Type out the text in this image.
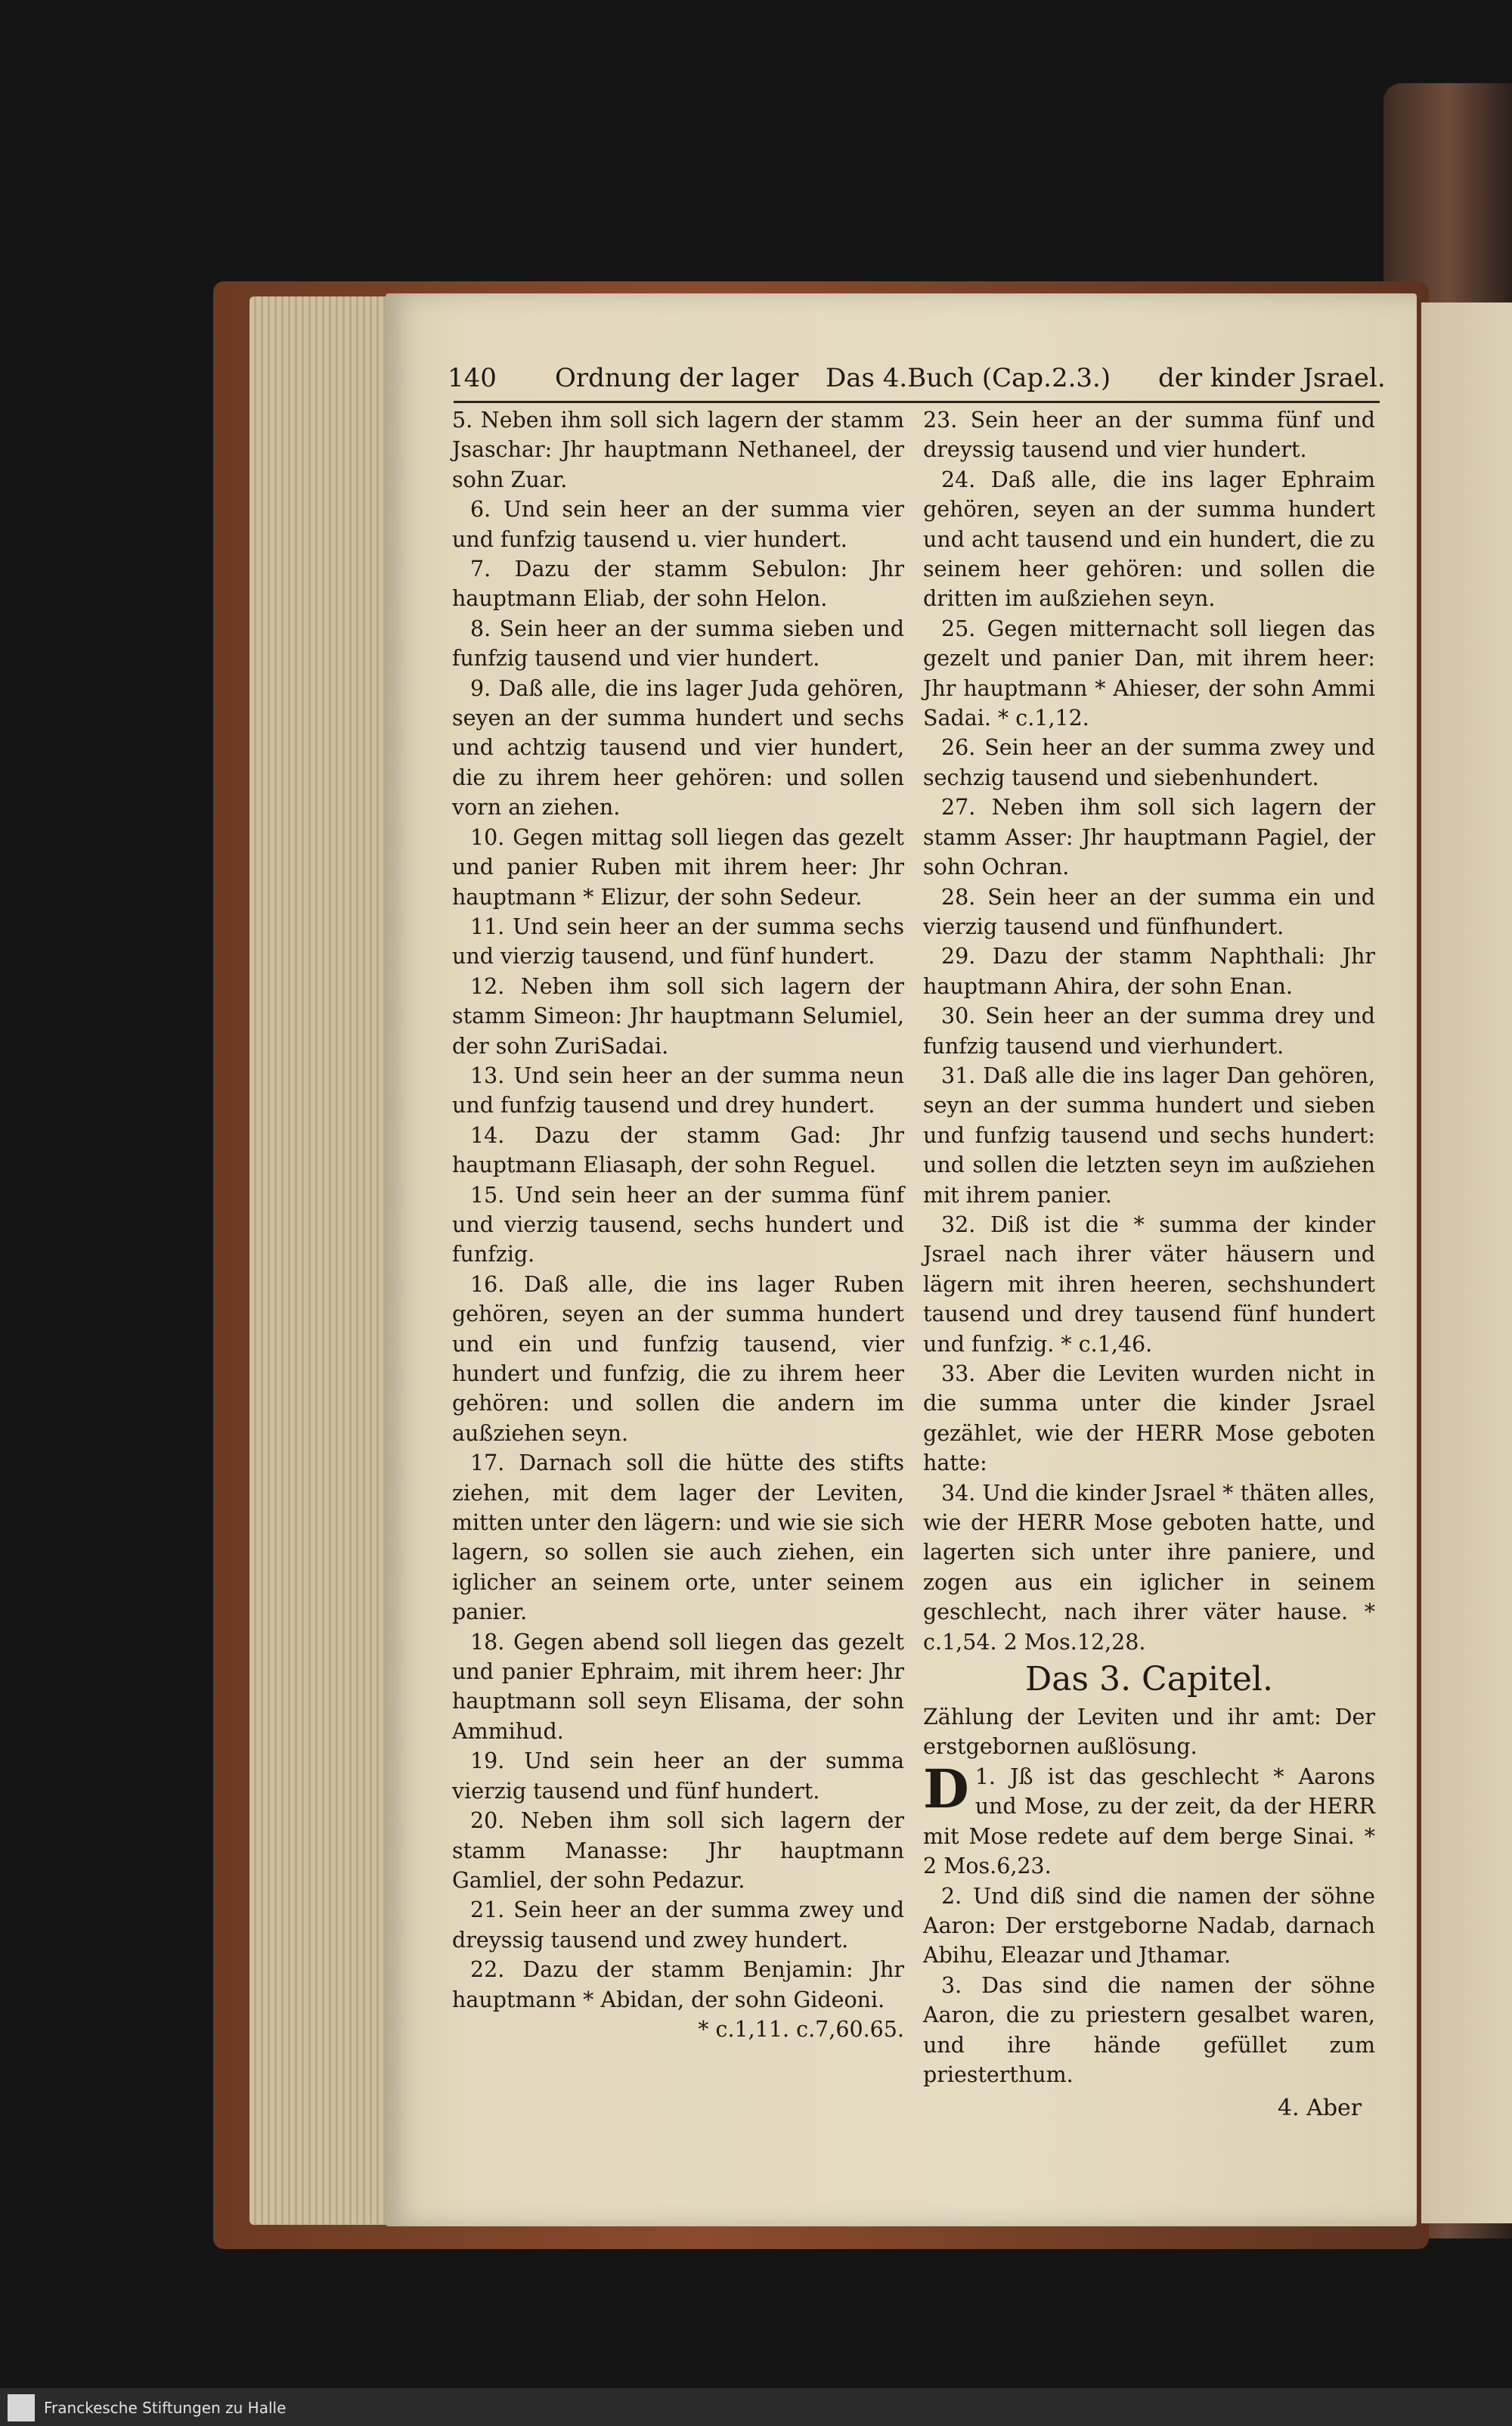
140 Ordnung der lager Das 4.Buch (Cap.2.3.) der kinder Jsrael.

5. Neben ihm soll sich lagern der stamm Jsaschar: Jhr hauptmann Nethaneel, der sohn Zuar.

6. Und sein heer an der summa vier und funfzig tausend u. vier hundert.

7. Dazu der stamm Sebulon: Jhr hauptmann Eliab, der sohn Helon.

8. Sein heer an der summa sieben und funfzig tausend und vier hundert.

9. Daß alle, die ins lager Juda gehören, seyen an der summa hundert und sechs und achtzig tausend und vier hundert, die zu ihrem heer gehören: und sollen vorn an ziehen.

10. Gegen mittag soll liegen das gezelt und panier Ruben mit ihrem heer: Jhr hauptmann * Elizur, der sohn Sedeur.

11. Und sein heer an der summa sechs und vierzig tausend, und fünf hundert.

12. Neben ihm soll sich lagern der stamm Simeon: Jhr hauptmann Selumiel, der sohn ZuriSadai.

13. Und sein heer an der summa neun und funfzig tausend und drey hundert.

14. Dazu der stamm Gad: Jhr hauptmann Eliasaph, der sohn Reguel.

15. Und sein heer an der summa fünf und vierzig tausend, sechs hundert und funfzig.

16. Daß alle, die ins lager Ruben gehören, seyen an der summa hundert und ein und funfzig tausend, vier hundert und funfzig, die zu ihrem heer gehören: und sollen die andern im außziehen seyn.

17. Darnach soll die hütte des stifts ziehen, mit dem lager der Leviten, mitten unter den lägern: und wie sie sich lagern, so sollen sie auch ziehen, ein iglicher an seinem orte, unter seinem panier.

18. Gegen abend soll liegen das gezelt und panier Ephraim, mit ihrem heer: Jhr hauptmann soll seyn Elisama, der sohn Ammihud.

19. Und sein heer an der summa vierzig tausend und fünf hundert.

20. Neben ihm soll sich lagern der stamm Manasse: Jhr hauptmann Gamliel, der sohn Pedazur.

21. Sein heer an der summa zwey und dreyssig tausend und zwey hundert.

22. Dazu der stamm Benjamin: Jhr hauptmann * Abidan, der sohn Gideoni.

* c.1,11. c.7,60.65.

23. Sein heer an der summa fünf und dreyssig tausend und vier hundert.

24. Daß alle, die ins lager Ephraim gehören, seyen an der summa hundert und acht tausend und ein hundert, die zu seinem heer gehören: und sollen die dritten im außziehen seyn.

25. Gegen mitternacht soll liegen das gezelt und panier Dan, mit ihrem heer: Jhr hauptmann * Ahieser, der sohn Ammi Sadai. * c.1,12.

26. Sein heer an der summa zwey und sechzig tausend und siebenhundert.

27. Neben ihm soll sich lagern der stamm Asser: Jhr hauptmann Pagiel, der sohn Ochran.

28. Sein heer an der summa ein und vierzig tausend und fünfhundert.

29. Dazu der stamm Naphthali: Jhr hauptmann Ahira, der sohn Enan.

30. Sein heer an der summa drey und funfzig tausend und vierhundert.

31. Daß alle die ins lager Dan gehören, seyn an der summa hundert und sieben und funfzig tausend und sechs hundert: und sollen die letzten seyn im außziehen mit ihrem panier.

32. Diß ist die * summa der kinder Jsrael nach ihrer väter häusern und lägern mit ihren heeren, sechshundert tausend und drey tausend fünf hundert und funfzig. * c.1,46.

33. Aber die Leviten wurden nicht in die summa unter die kinder Jsrael gezählet, wie der HERR Mose geboten hatte:

34. Und die kinder Jsrael * thäten alles, wie der HERR Mose geboten hatte, und lagerten sich unter ihre paniere, und zogen aus ein iglicher in seinem geschlecht, nach ihrer väter hause. * c.1,54. 2 Mos.12,28.

Das 3. Capitel.

Zählung der Leviten und ihr amt: Der erstgebornen außlösung.

1.
D Jß ist das geschlecht * Aarons und Mose, zu der zeit, da der HERR mit Mose redete auf dem berge Sinai. * 2 Mos.6,23.

2. Und diß sind die namen der söhne Aaron: Der erstgeborne Nadab, darnach Abihu, Eleazar und Jthamar.

3. Das sind die namen der söhne Aaron, die zu priestern gesalbet waren, und ihre hände gefüllet zum priesterthum.

4. Aber
Franckesche Stiftungen zu Halle
